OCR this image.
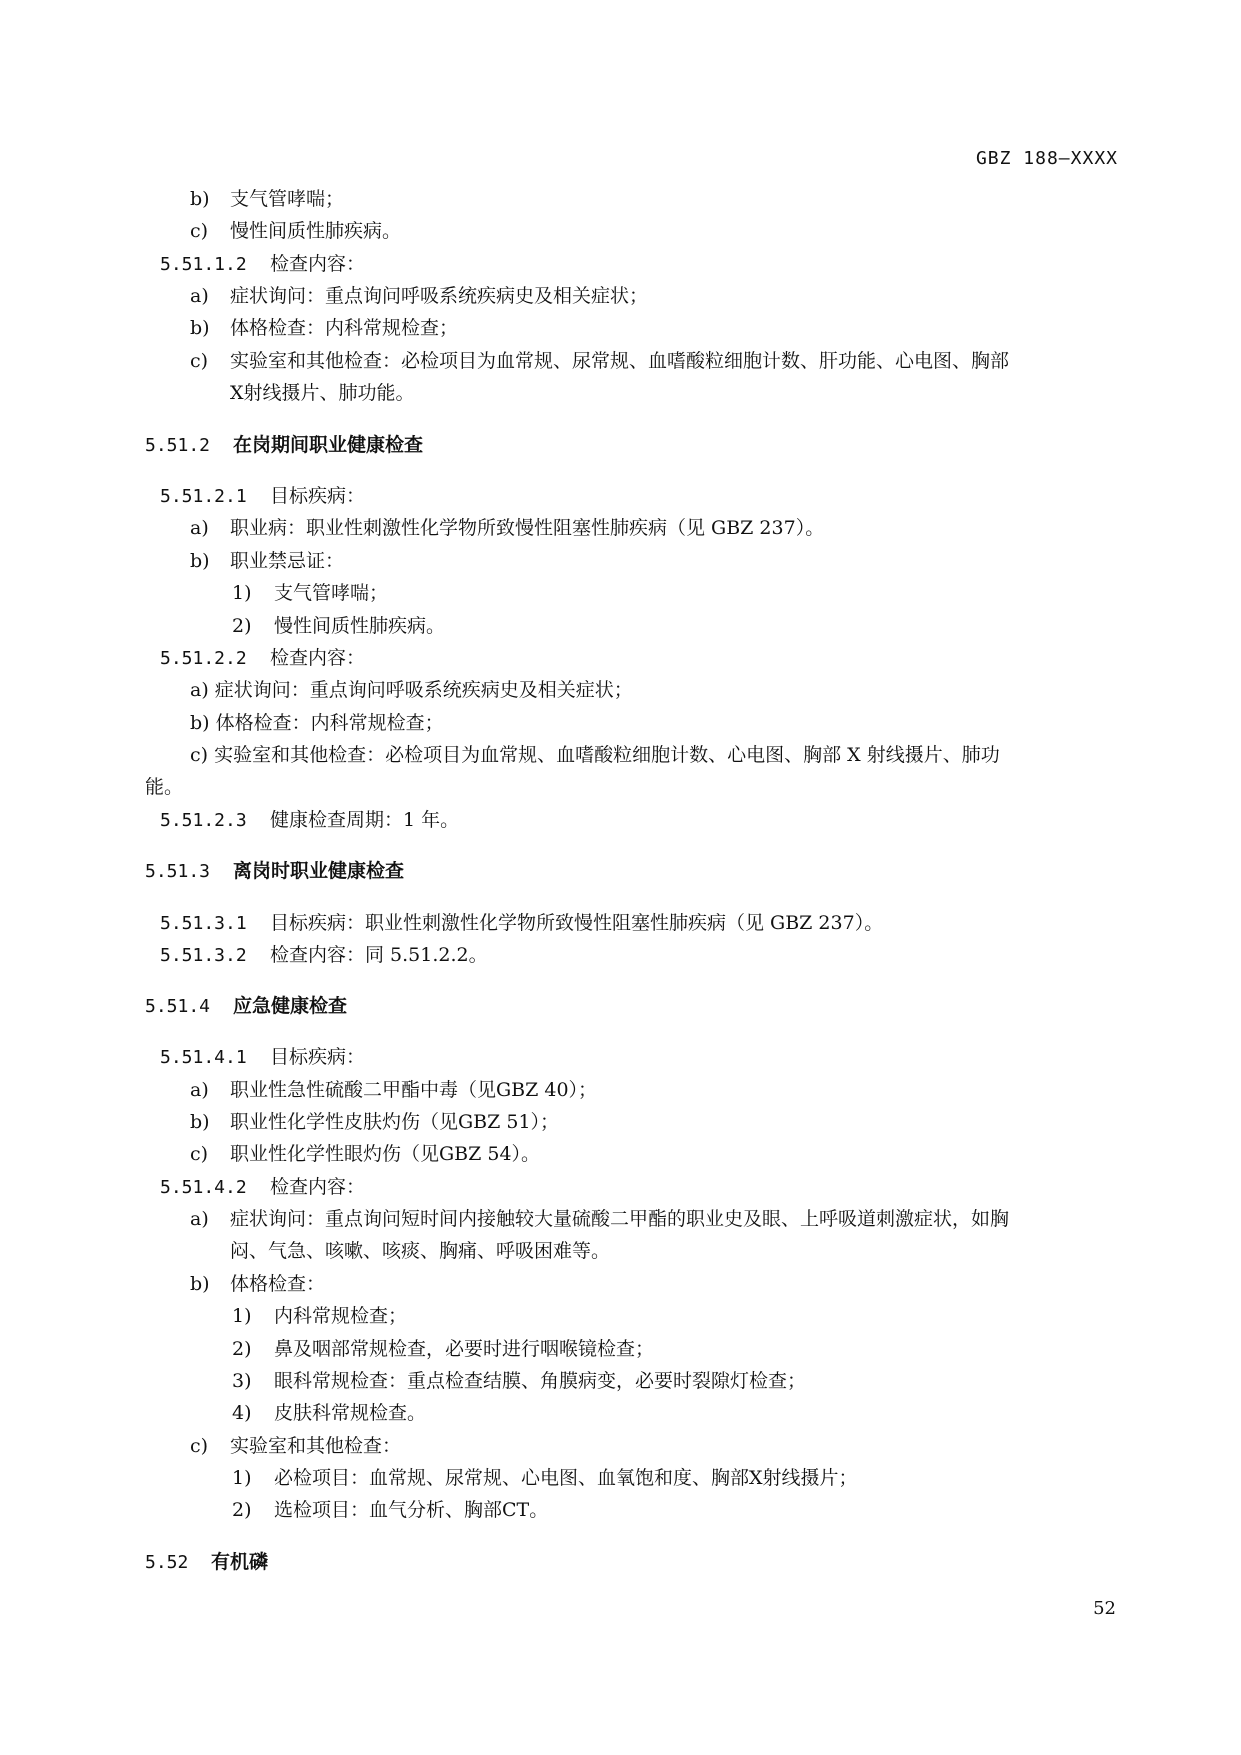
GBZ 188—XXXX
b) 支气管哮喘；
c) 慢性间质性肺疾病。
5.51.1.2 检查内容：
a) 症状询问：重点询问呼吸系统疾病史及相关症状；
b) 体格检查：内科常规检查；
c) 实验室和其他检查：必检项目为血常规、尿常规、血嗜酸粒细胞计数、肝功能、心电图、胸部
X射线摄片、肺功能。
5.51.2 在岗期间职业健康检查
5.51.2.1 目标疾病：
a) 职业病：职业性刺激性化学物所致慢性阻塞性肺疾病（见 GBZ 237）。
b) 职业禁忌证：
1) 支气管哮喘；
2) 慢性间质性肺疾病。
5.51.2.2 检查内容：
a) 症状询问：重点询问呼吸系统疾病史及相关症状；
b) 体格检查：内科常规检查；
c) 实验室和其他检查：必检项目为血常规、血嗜酸粒细胞计数、心电图、胸部 X 射线摄片、肺功
能。
5.51.2.3 健康检查周期：1 年。
5.51.3 离岗时职业健康检查
5.51.3.1 目标疾病：职业性刺激性化学物所致慢性阻塞性肺疾病（见 GBZ 237）。
5.51.3.2 检查内容：同 5.51.2.2。
5.51.4 应急健康检查
5.51.4.1 目标疾病：
a) 职业性急性硫酸二甲酯中毒（见GBZ 40）；
b) 职业性化学性皮肤灼伤（见GBZ 51）；
c) 职业性化学性眼灼伤（见GBZ 54）。
5.51.4.2 检查内容：
a) 症状询问：重点询问短时间内接触较大量硫酸二甲酯的职业史及眼、上呼吸道刺激症状，如胸
闷、气急、咳嗽、咳痰、胸痛、呼吸困难等。
b) 体格检查：
1) 内科常规检查；
2) 鼻及咽部常规检查，必要时进行咽喉镜检查；
3) 眼科常规检查：重点检查结膜、角膜病变，必要时裂隙灯检查；
4) 皮肤科常规检查。
c) 实验室和其他检查：
1) 必检项目：血常规、尿常规、心电图、血氧饱和度、胸部X射线摄片；
2) 选检项目：血气分析、胸部CT。
5.52 有机磷
52
